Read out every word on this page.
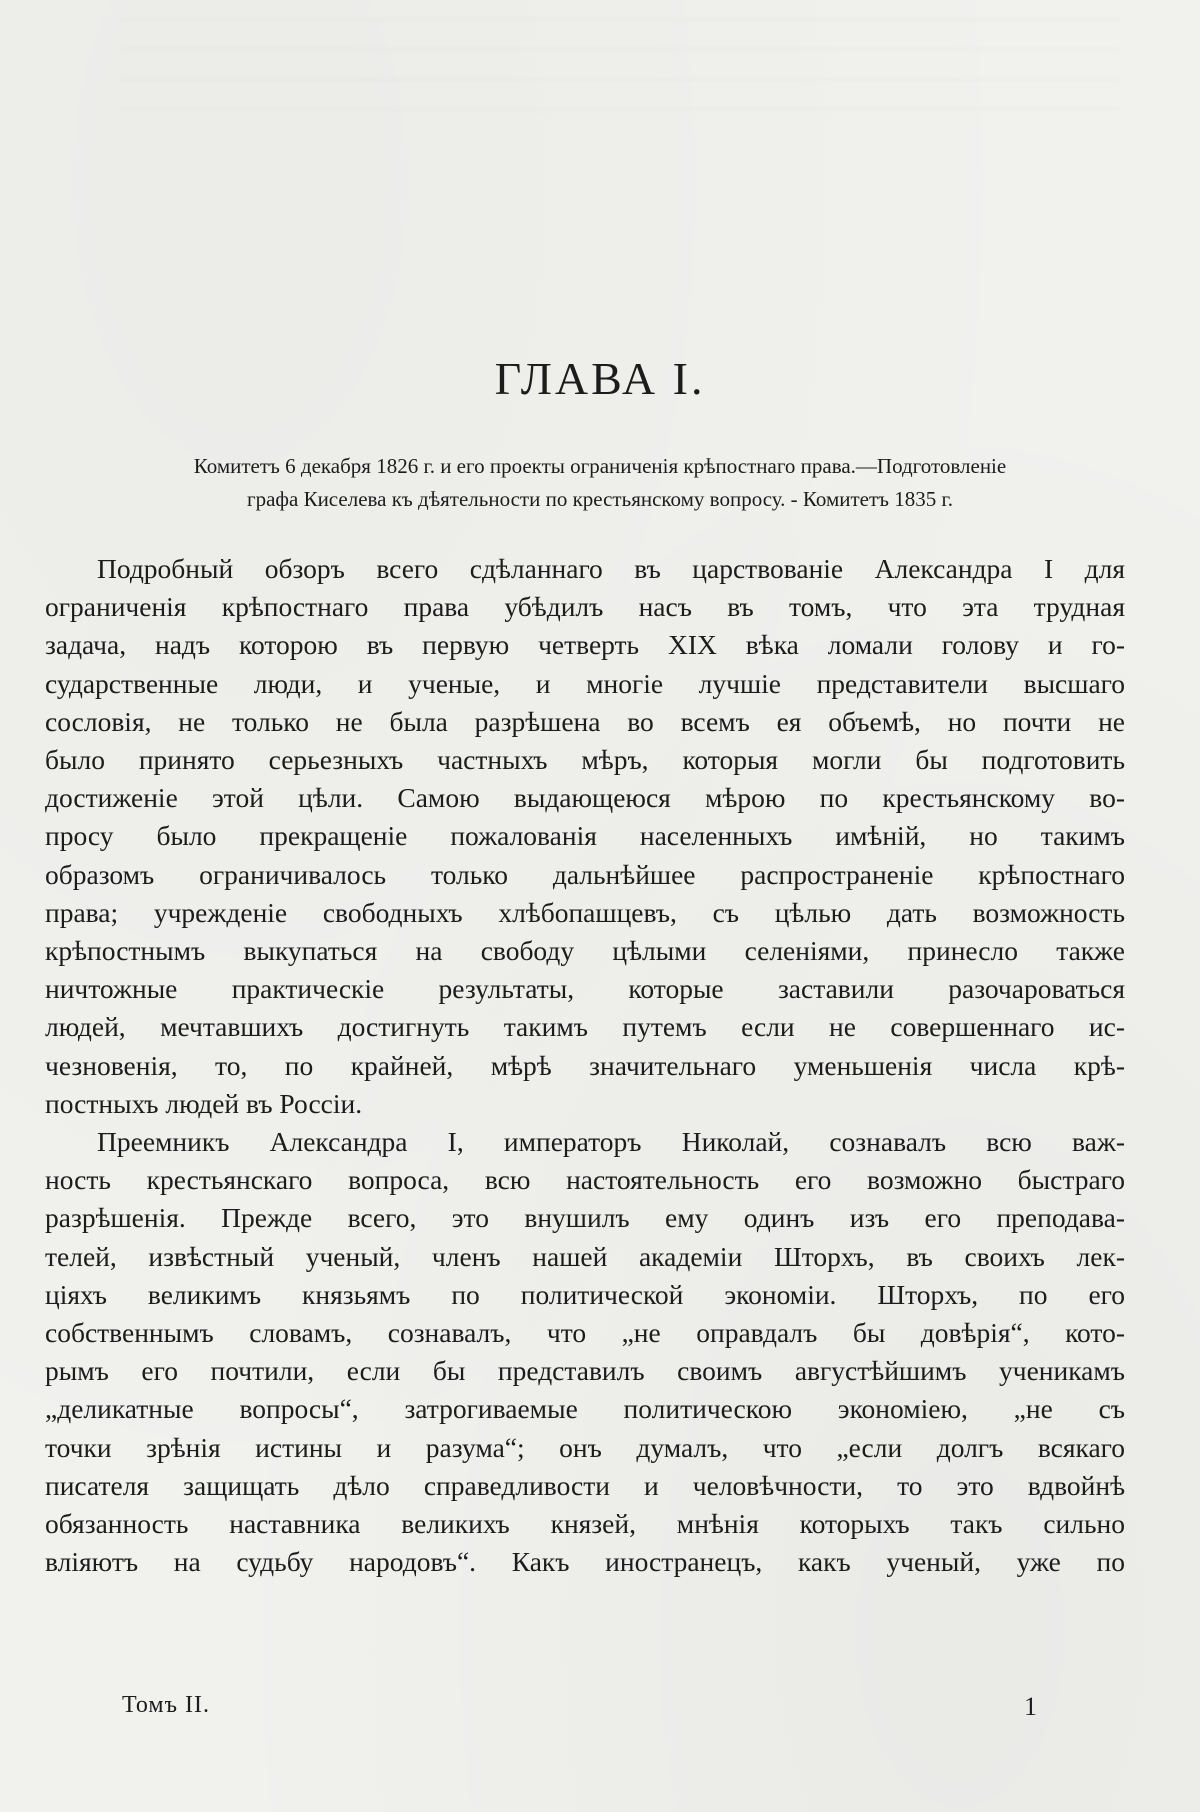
ГЛАВА I.
Комитетъ 6 декабря 1826 г. и его проекты ограниченія крѣпостнаго права.—Подготовленіе
графа Киселева къ дѣятельности по крестьянскому вопросу. - Комитетъ 1835 г.
Подробный обзоръ всего сдѣланнаго въ царствованіе Александра I для
ограниченія крѣпостнаго права убѣдилъ насъ въ томъ, что эта трудная
задача, надъ которою въ первую четверть XIX вѣка ломали голову и го-
сударственные люди, и ученые, и многіе лучшіе представители высшаго
сословія, не только не была разрѣшена во всемъ ея объемѣ, но почти не
было принято серьезныхъ частныхъ мѣръ, которыя могли бы подготовить
достиженіе этой цѣли. Самою выдающеюся мѣрою по крестьянскому во-
просу было прекращеніе пожалованія населенныхъ имѣній, но такимъ
образомъ ограничивалось только дальнѣйшее распространеніе крѣпостнаго
права; учрежденіе свободныхъ хлѣбопашцевъ, съ цѣлью дать возможность
крѣпостнымъ выкупаться на свободу цѣлыми селеніями, принесло также
ничтожные практическіе результаты, которые заставили разочароваться
людей, мечтавшихъ достигнуть такимъ путемъ если не совершеннаго ис-
чезновенія, то, по крайней, мѣрѣ значительнаго уменьшенія числа крѣ-
постныхъ людей въ Россіи.
Преемникъ Александра I, императоръ Николай, сознавалъ всю важ-
ность крестьянскаго вопроса, всю настоятельность его возможно быстраго
разрѣшенія. Прежде всего, это внушилъ ему одинъ изъ его преподава-
телей, извѣстный ученый, членъ нашей академіи Шторхъ, въ своихъ лек-
ціяхъ великимъ князьямъ по политической экономіи. Шторхъ, по его
собственнымъ словамъ, сознавалъ, что „не оправдалъ бы довѣрія“, кото-
рымъ его почтили, если бы представилъ своимъ августѣйшимъ ученикамъ
„деликатные вопросы“, затрогиваемые политическою экономіею, „не съ
точки зрѣнія истины и разума“; онъ думалъ, что „если долгъ всякаго
писателя защищать дѣло справедливости и человѣчности, то это вдвойнѣ
обязанность наставника великихъ князей, мнѣнія которыхъ такъ сильно
вліяютъ на судьбу народовъ“. Какъ иностранецъ, какъ ученый, уже по
Томъ II.	1
